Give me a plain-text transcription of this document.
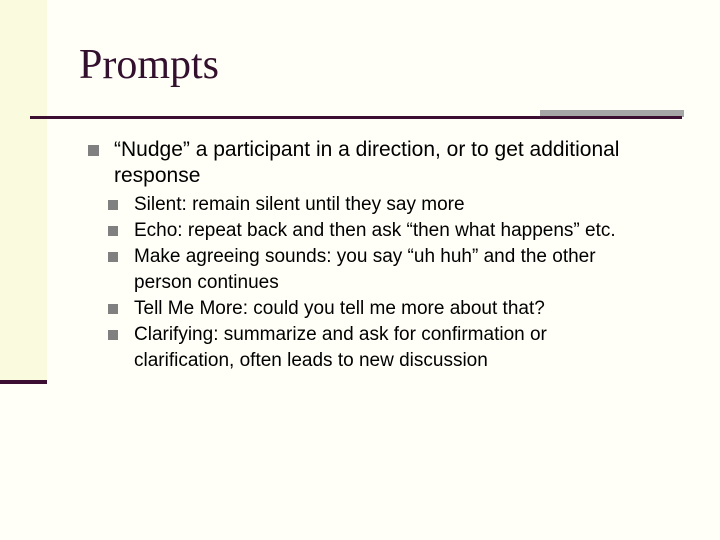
Prompts
“Nudge” a participant in a direction, or to get additional response
Silent: remain silent until they say more
Echo: repeat back and then ask “then what happens” etc.
Make agreeing sounds: you say “uh huh” and the other person continues
Tell Me More: could you tell me more about that?
Clarifying: summarize and ask for confirmation or clarification, often leads to new discussion
